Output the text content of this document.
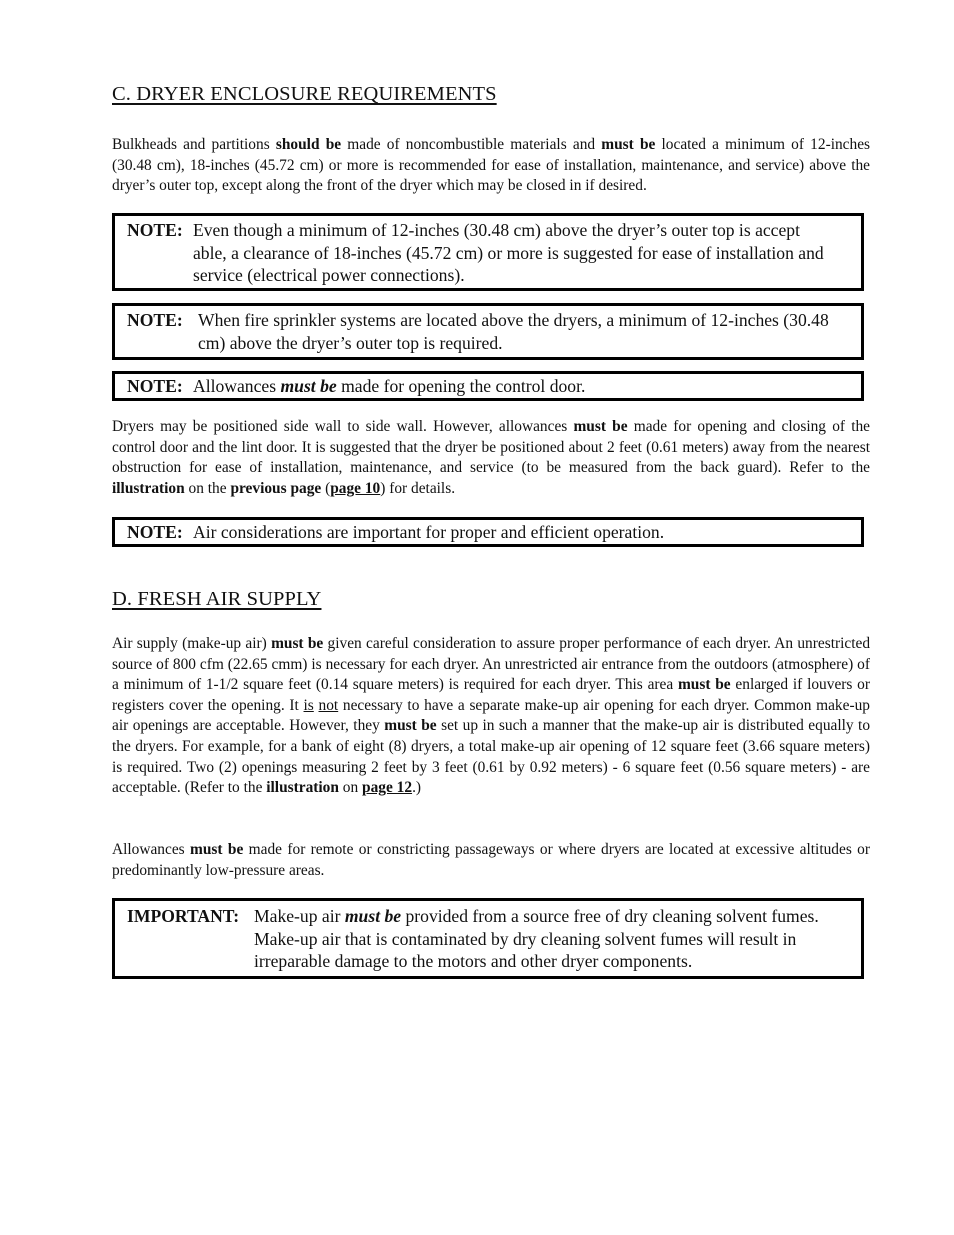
C. DRYER ENCLOSURE REQUIREMENTS
Bulkheads and partitions should be made of noncombustible materials and must be located a minimum of 12-inches (30.48 cm), 18-inches (45.72 cm) or more is recommended for ease of installation, maintenance, and service) above the dryer’s outer top, except along the front of the dryer which may be closed in if desired.
NOTE: Even though a minimum of 12-inches (30.48 cm) above the dryer’s outer top is accept able, a clearance of 18-inches (45.72 cm) or more is suggested for ease of installation and service (electrical power connections).
NOTE: When fire sprinkler systems are located above the dryers, a minimum of 12-inches (30.48 cm) above the dryer’s outer top is required.
NOTE: Allowances must be made for opening the control door.
Dryers may be positioned side wall to side wall. However, allowances must be made for opening and closing of the control door and the lint door. It is suggested that the dryer be positioned about 2 feet (0.61 meters) away from the nearest obstruction for ease of installation, maintenance, and service (to be measured from the back guard). Refer to the illustration on the previous page (page 10) for details.
NOTE: Air considerations are important for proper and efficient operation.
D. FRESH AIR SUPPLY
Air supply (make-up air) must be given careful consideration to assure proper performance of each dryer. An unrestricted source of 800 cfm (22.65 cmm) is necessary for each dryer. An unrestricted air entrance from the outdoors (atmosphere) of a minimum of 1-1/2 square feet (0.14 square meters) is required for each dryer. This area must be enlarged if louvers or registers cover the opening. It is not necessary to have a separate make-up air opening for each dryer. Common make-up air openings are acceptable. However, they must be set up in such a manner that the make-up air is distributed equally to the dryers. For example, for a bank of eight (8) dryers, a total make-up air opening of 12 square feet (3.66 square meters) is required. Two (2) openings measuring 2 feet by 3 feet (0.61 by 0.92 meters) - 6 square feet (0.56 square meters) - are acceptable. (Refer to the illustration on page 12.)
Allowances must be made for remote or constricting passageways or where dryers are located at excessive altitudes or predominantly low-pressure areas.
IMPORTANT: Make-up air must be provided from a source free of dry cleaning solvent fumes. Make-up air that is contaminated by dry cleaning solvent fumes will result in irreparable damage to the motors and other dryer components.
